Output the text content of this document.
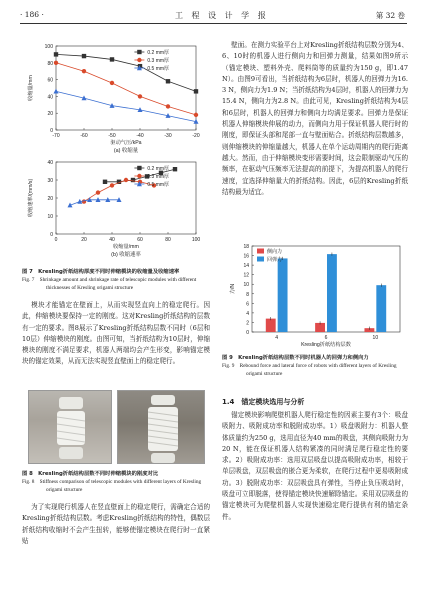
· 186 ·	工 程 设 计 学 报	第 32 卷
0
20
40
60
80
100
-70	-60	-50	-40	-30	-20
收缩量/mm
驱动气压/kPa
(a) 收缩量
0.2 mm厚
0.3 mm厚
0.5 mm厚
0
10
20
30
40
0	20	40	60	80	100
收缩速率/(mm/s)
收缩量/mm
(b) 收缩速率
0.2 mm厚
0.3 mm厚
0.5 mm厚
图 7　Kresling折纸结构厚度不同时伸缩模块的收缩量及收缩速率
Fig. 7　Shrinkage amount and shrinkage rate of telescopic modules with different thicknesses of Kresling origami structure
模块才能锚定在壁面上，从而实现竖直向上的稳定爬行。因此，伸缩模块要保持一定的刚度。这对Kresling折纸结构的层数有一定的要求。图8展示了Kresling折纸结构层数不同时（6层和10层）伸缩模块的刚度。由图可知，当折纸结构为10层时，伸缩模块的刚度不满足要求，机器人两端均会产生形变，影响锚定模块的锚定效果，从而无法实现竖直壁面上的稳定爬行。
图 8　Kresling折纸结构层数不同时伸缩模块的刚度对比
Fig. 8　Stiffness comparison of telescopic modules with different layers of Kresling origami structure
为了实现爬行机器人在竖直壁面上的稳定爬行，需确定合适的Kresling折纸结构层数。考虑Kresling折纸结构的特性，偶数层折纸结构收缩时不会产生扭转，能够使锚定模块在爬行时一直紧贴
壁面。在测力实验平台上对Kresling折纸结构层数分别为4、6、10时的机器人进行侧向力和回弹力测量，结果如图9所示（锚定模块、塑料外壳、爬料筒等的质量约为150 g，即1.47 N）。由图9可看出，当折纸结构为6层时，机器人的回弹力为16.3 N，侧向力为1.9 N；当折纸结构为4层时，机器人的回弹力为15.4 N，侧向力为2.8 N。由此可见，Kresling折纸结构为4层和6层时，机器人的回弹力和侧向力均满足要求。回弹力是保证机器人伸缩模块伸展的动力，而侧向力用于保证机器人爬行时的刚度，即保证头部和尾部一直与壁面贴合。折纸结构层数越多，则伸缩模块的伸缩量越大，机器人在单个运动周期内的爬行距离越大。然而，由于伸缩模块变形需要时间，这会限制驱动气压的频率，在驱动气压频率无法提高的前提下，为提高机器人的爬行速度，宜选择伸缩量大的折纸结构。因此，6层的Kresling折纸结构最为适宜。
0
2
4
6
8
10
12
14
16
18
4	6	10
力/N
Kresling折纸结构层数
侧向力
回弹力
图 9　Kresling折纸结构层数不同时机器人的回弹力和侧向力
Fig. 9　Rebound force and lateral force of robots with different layers of Kresling origami structure
1.4　锚定模块选用与分析
锚定模块影响爬壁机器人爬行稳定性的因素主要有3个：吸盘吸附力、吸附成功率和脱附成功率。1）吸盘吸附力：机器人整体质量约为250 g，选用直径为40 mm的吸盘，其侧向吸附力为20 N，能在保证机器人结构紧凑的同时满足爬行稳定性的要求。2）吸附成功率：选用双层吸盘以提高吸附成功率，相较于单层吸盘，双层吸盘的嵌合更为柔软，在爬行过程中更易吸附成功。3）脱附成功率：双层吸盘具有弹性，当停止负压吸动时，吸盘可立即脱落，使得锚定模块快速解除锚定。采用双层吸盘的锚定模块可为爬壁机器人实现快速稳定爬行提供有利的锚定条件。
